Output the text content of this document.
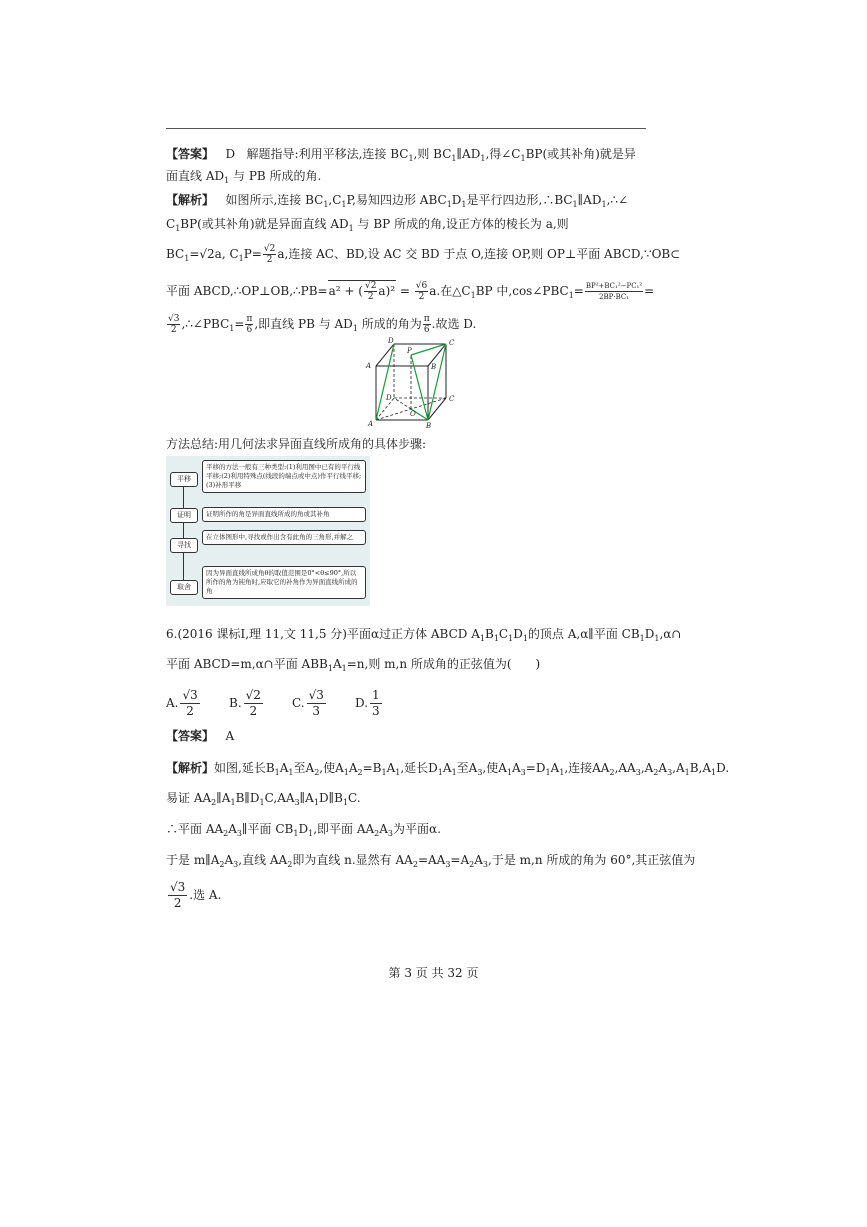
【答案】 D 解题指导:利用平移法,连接 $BC_1$,则 $BC_1\parallel AD_1$,得$\angle C_1BP$(或其补角)就是异
面直线 $AD_1$ 与 PB 所成的角.
【解析】 如图所示,连接 $BC_1,C_1P$,易知四边形 $ABC_1D_1$是平行四边形$,\therefore BC_1\parallel AD_1,\therefore\angle$
$C_1BP$(或其补角)就是异面直线 $AD_1$ 与 BP 所成的角,设正方体的棱长为 a,则
$BC_1=√2a$, $C_1P= \frac{√2}{2} a$,连接 AC、BD,设 AC 交 BD 于点 O,连接 OP,则 OP⊥平面 ABCD,∵OB⊂
平面 ABCD,∴OP⊥OB,∴PB=a² + ( $\frac{√2}{2} a)^2 = \frac{√6}{2} a$.在$\triangle C_1BP$ 中$,\cos\angle PBC_1= \frac{\text{BP²+BC₁²−PC₁²}}{\text{2BP·BC₁}}$ =
$\frac{√3}{2}$ $,\therefore\angle PBC_1= \frac{\pi}{6}$ ,即直线 PB 与 $AD_1$ 所成的角为 $\frac{\pi}{6}$ .故选 D.
D	C
A	B
P
D	C
O
A	B
方法总结:用几何法求异面直线所成角的具体步骤:
平移
平移的方法一般有三种类型:(1)利用图中已有的平行线平移;(2)利用特殊点(线段的端点或中点)作平行线平移;(3)补形平移
证明	证明所作的角是异面直线所成的角或其补角
寻找
在立体图形中,寻找或作出含有此角的三角形,并解之
取舍
因为异面直线所成角θ的取值范围是0°<θ≤90°,所以所作的角为钝角时,应取它的补角作为异面直线所成的角
6.(2016 课标Ⅰ,理 11,文 11,5 分)平面α过正方体 ABCD $A_1B_1C_1D_1$的顶点 A,α∥平面 $CB_1D_1,\alpha\cap$
平面 ABCD=m,α∩平面 $ABB_1A_1=n$,则 m,n 所成角的正弦值为(　　)
A. $\frac{√3}{2} B$. $\frac{√2}{2} C$. $\frac{√3}{3} D$. $\frac{1}{3}$
【答案】 A
【解析】如图,延长$B_1A_1$至$A_2$,使$A_1A_2=B_1A_1$,延长$D_1A_1$至$A_3$,使$A_1A_3=D_1A_1$,连接$AA_2,AA_3,A_2A_3,A_1B,A_1D$.
易证 $AA_2\parallel A_1B\parallel D_1C,AA_3\parallel A_1D\parallel B_1C$.
∴平面 $AA_2A_3\parallel$平面 $CB_1D_1$,即平面 $AA_2A_3$为平面α.
于是 $m\parallel A_2A_3$,直线 $AA_2$即为直线 n.显然有 $AA_2=AA_3=A_2A_3$,于是 m,n 所成的角为 60°,其正弦值为
$\frac{√3}{2}$ .选 A.
第 3 页 共 32 页
